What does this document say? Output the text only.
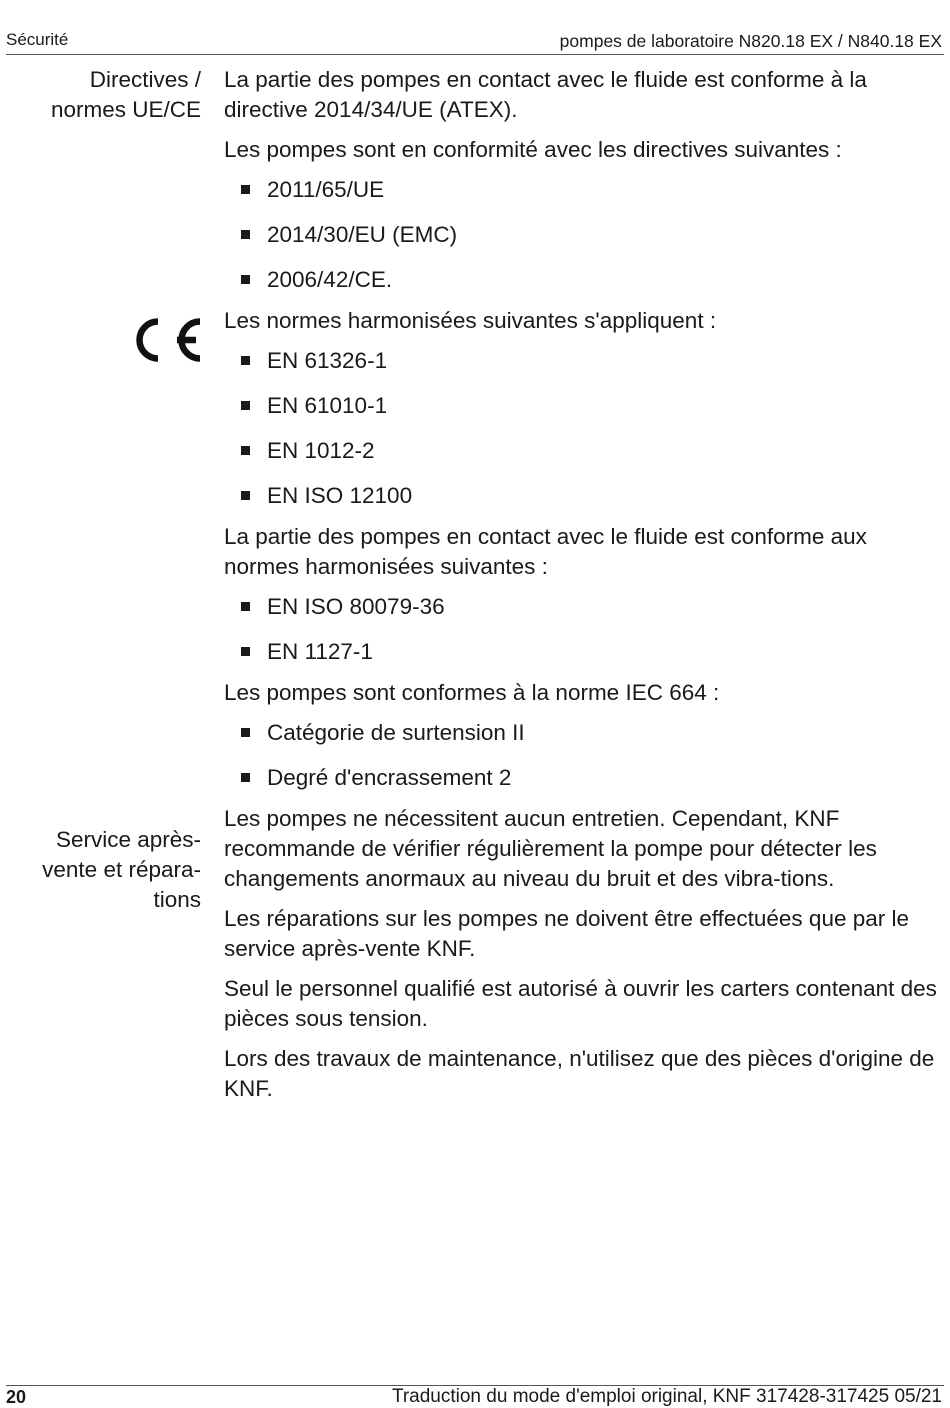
Sécurité	pompes de laboratoire N820.18 EX / N840.18 EX
Directives /
normes UE/CE
Service après-
vente et répara-
tions

La partie des pompes en contact avec le fluide est conforme à la directive 2014/34/UE (ATEX).

Les pompes sont en conformité avec les directives suivantes :

2011/65/UE
2014/30/EU (EMC)
2006/42/CE.

Les normes harmonisées suivantes s'appliquent :

EN 61326-1
EN 61010-1
EN 1012-2
EN ISO 12100

La partie des pompes en contact avec le fluide est conforme aux normes harmonisées suivantes :

EN ISO 80079-36
EN 1127-1

Les pompes sont conformes à la norme IEC 664 :

Catégorie de surtension II
Degré d'encrassement 2

Les pompes ne nécessitent aucun entretien. Cependant, KNF recommande de vérifier régulièrement la pompe pour détecter les changements anormaux au niveau du bruit et des vibra-tions.

Les réparations sur les pompes ne doivent être effectuées que par le service après-vente KNF.

Seul le personnel qualifié est autorisé à ouvrir les carters contenant des pièces sous tension.

Lors des travaux de maintenance, n'utilisez que des pièces d'origine de KNF.

20	Traduction du mode d'emploi original, KNF 317428-317425 05/21
